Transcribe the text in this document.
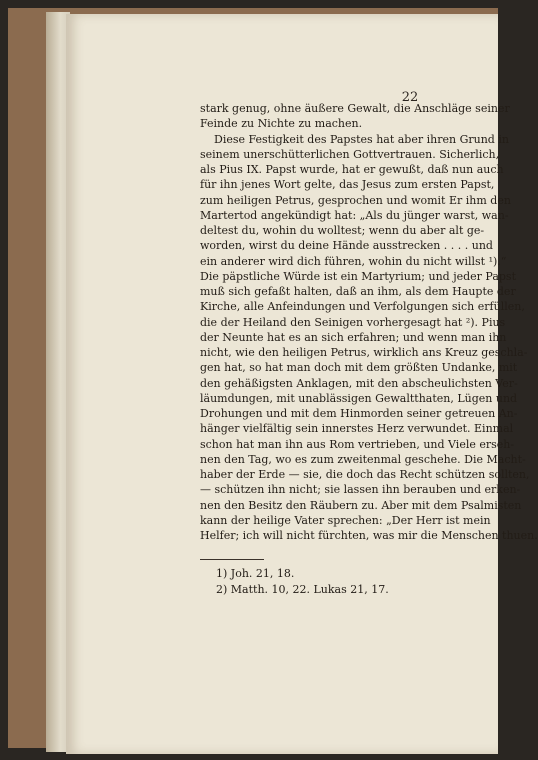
22
stark genug, ohne äußere Gewalt, die Anschläge seiner
Feinde zu Nichte zu machen.
Diese Festigkeit des Papstes hat aber ihren Grund in
seinem unerschütterlichen Gottvertrauen. Sicherlich,
als Pius IX. Papst wurde, hat er gewußt, daß nun auch
für ihn jenes Wort gelte, das Jesus zum ersten Papst,
zum heiligen Petrus, gesprochen und womit Er ihm den
Martertod angekündigt hat: „Als du jünger warst, wan-
deltest du, wohin du wolltest; wenn du aber alt ge-
worden, wirst du deine Hände ausstrecken . . . . und
ein anderer wird dich führen, wohin du nicht willst ¹).“
Die päpstliche Würde ist ein Martyrium; und jeder Papst
muß sich gefaßt halten, daß an ihm, als dem Haupte der
Kirche, alle Anfeindungen und Verfolgungen sich erfüllen,
die der Heiland den Seinigen vorhergesagt hat ²). Pius
der Neunte hat es an sich erfahren; und wenn man ihn
nicht, wie den heiligen Petrus, wirklich ans Kreuz geschla-
gen hat, so hat man doch mit dem größten Undanke, mit
den gehäßigsten Anklagen, mit den abscheulichsten Ver-
läumdungen, mit unablässigen Gewaltthaten, Lügen und
Drohungen und mit dem Hinmorden seiner getreuen An-
hänger vielfältig sein innerstes Herz verwundet. Einmal
schon hat man ihn aus Rom vertrieben, und Viele erseh-
nen den Tag, wo es zum zweitenmal geschehe. Die Macht-
haber der Erde — sie, die doch das Recht schützen sollten,
— schützen ihn nicht; sie lassen ihn berauben und erken-
nen den Besitz den Räubern zu. Aber mit dem Psalmisten
kann der heilige Vater sprechen: „Der Herr ist mein
Helfer; ich will nicht fürchten, was mir die Menschen thuen.
1) Joh. 21, 18.
2) Matth. 10, 22. Lukas 21, 17.
